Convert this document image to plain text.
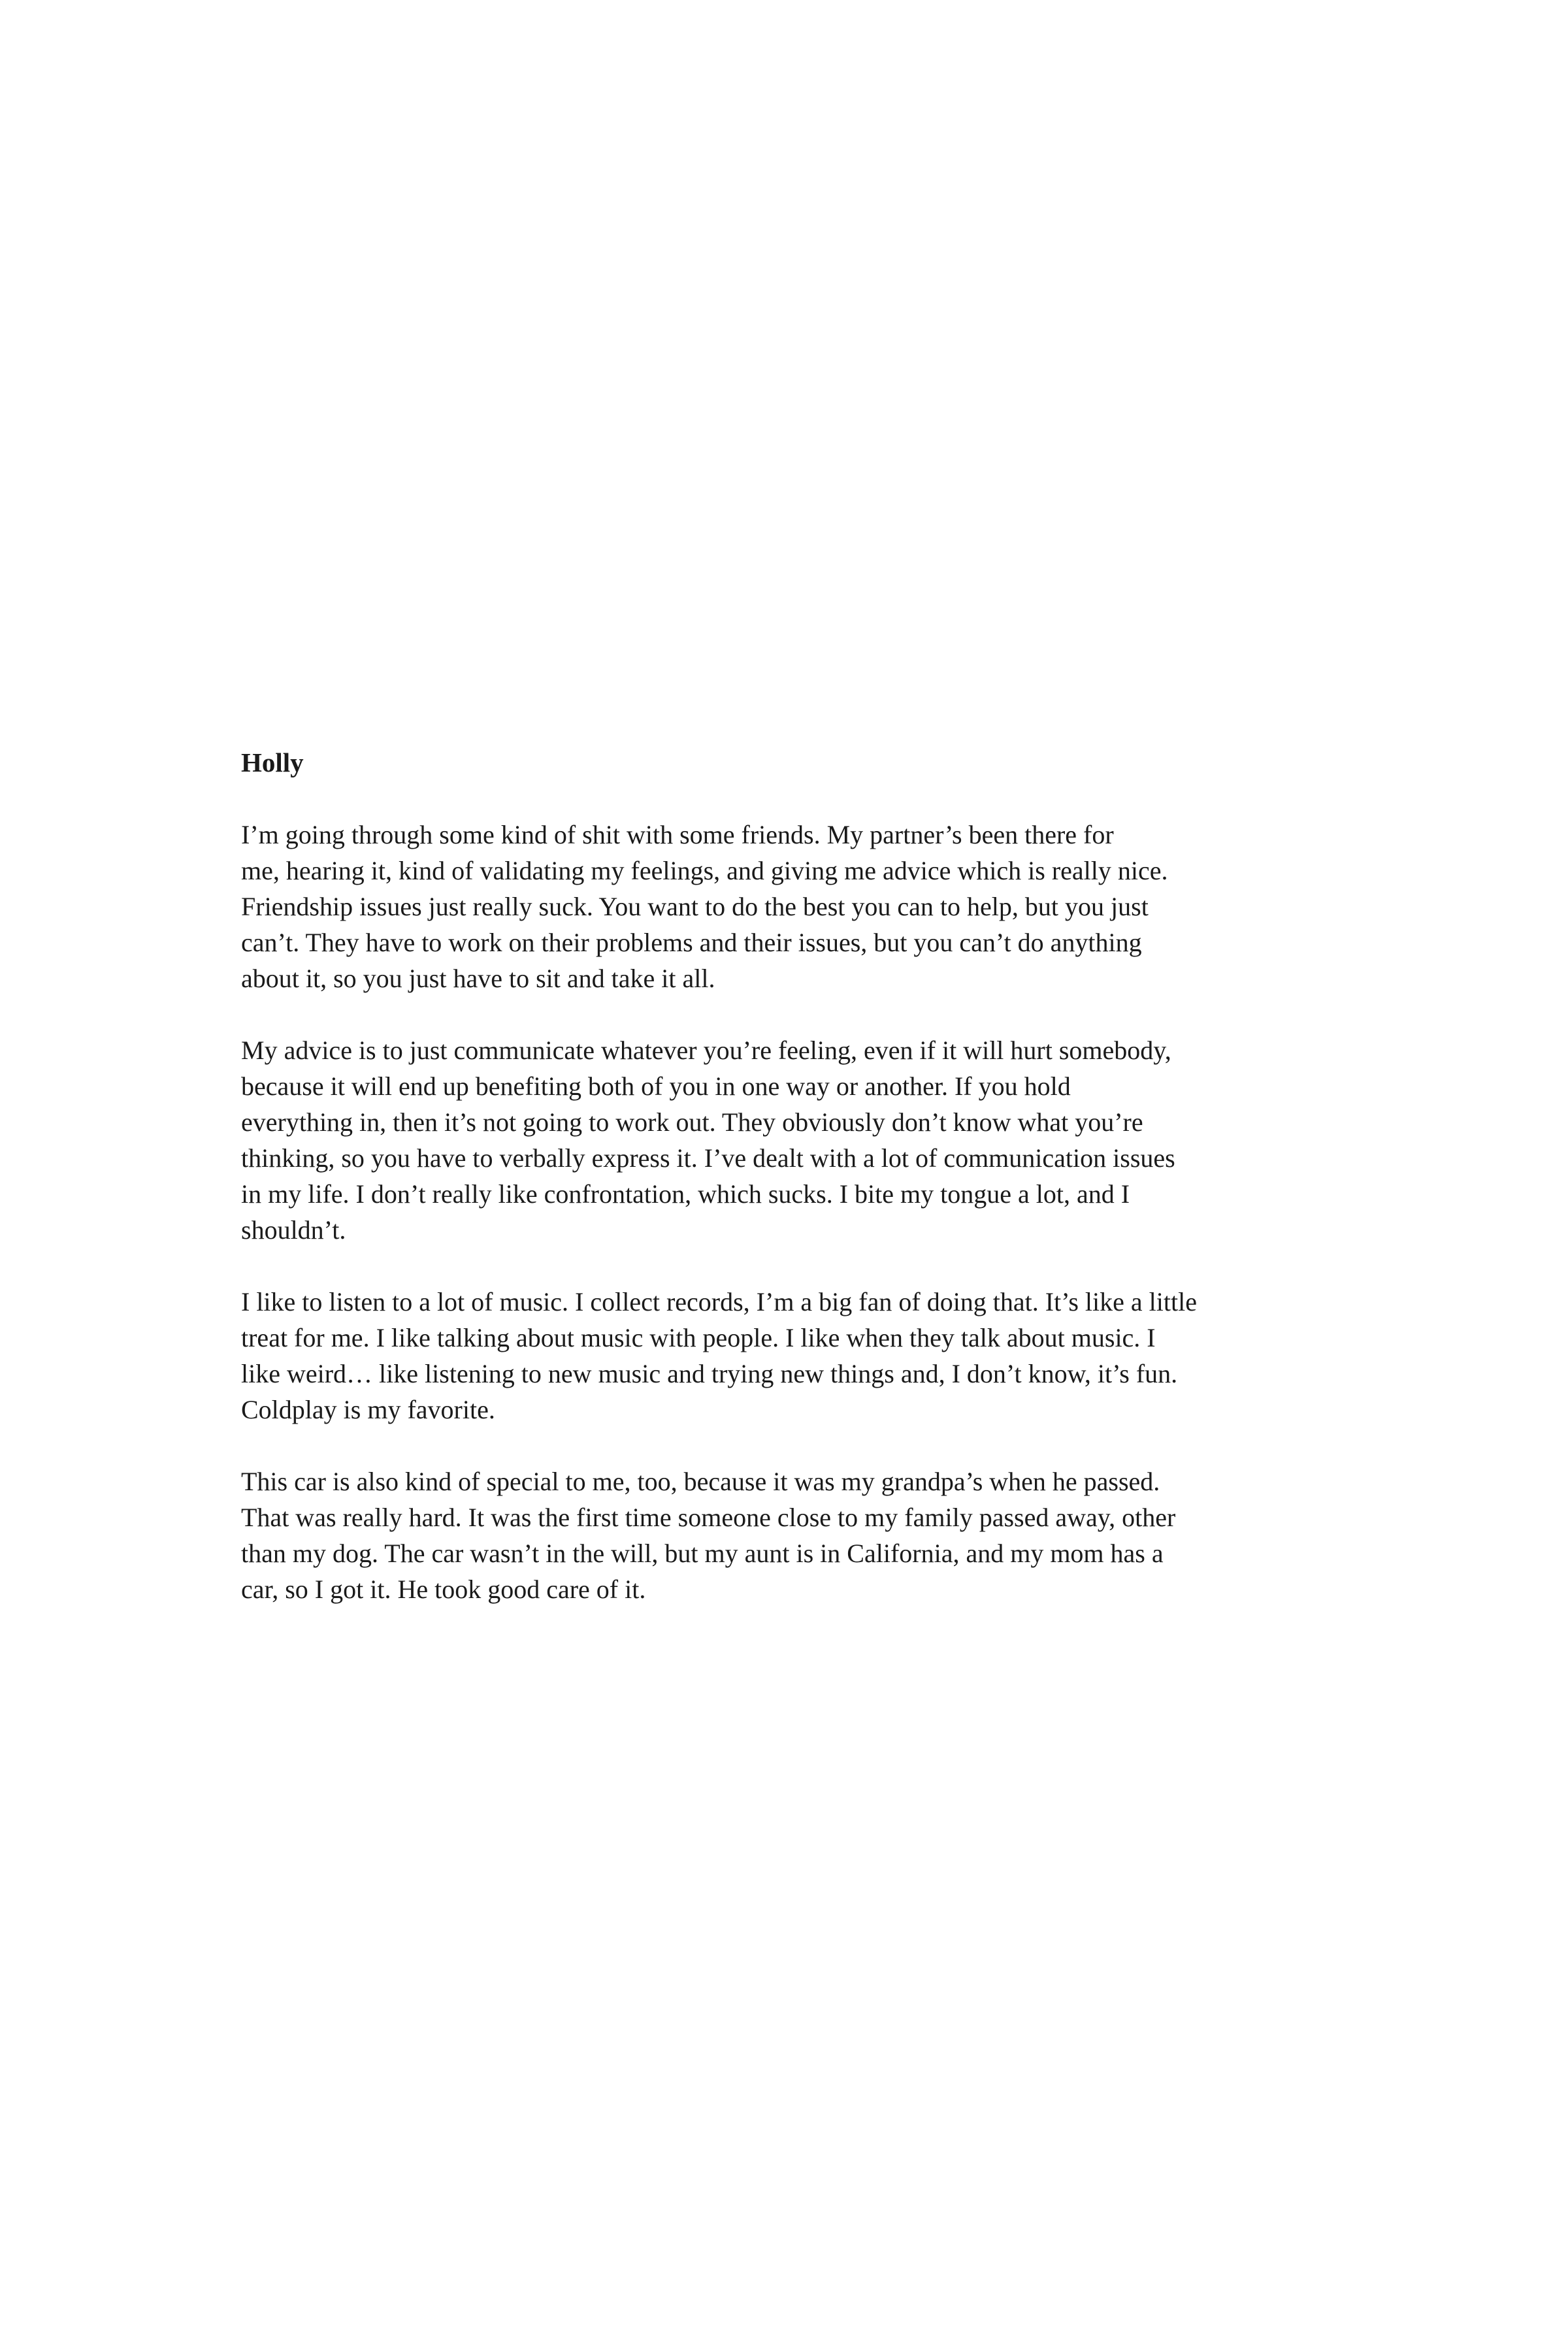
Holly
I’m going through some kind of shit with some friends. My partner’s been there for
me, hearing it, kind of validating my feelings, and giving me advice which is really nice.
Friendship issues just really suck. You want to do the best you can to help, but you just
can’t. They have to work on their problems and their issues, but you can’t do anything
about it, so you just have to sit and take it all.
My advice is to just communicate whatever you’re feeling, even if it will hurt somebody,
because it will end up benefiting both of you in one way or another. If you hold
everything in, then it’s not going to work out. They obviously don’t know what you’re
thinking, so you have to verbally express it. I’ve dealt with a lot of communication issues
in my life. I don’t really like confrontation, which sucks. I bite my tongue a lot, and I
shouldn’t.
I like to listen to a lot of music. I collect records, I’m a big fan of doing that. It’s like a little
treat for me. I like talking about music with people. I like when they talk about music. I
like weird… like listening to new music and trying new things and, I don’t know, it’s fun.
Coldplay is my favorite.
This car is also kind of special to me, too, because it was my grandpa’s when he passed.
That was really hard. It was the first time someone close to my family passed away, other
than my dog. The car wasn’t in the will, but my aunt is in California, and my mom has a
car, so I got it. He took good care of it.
